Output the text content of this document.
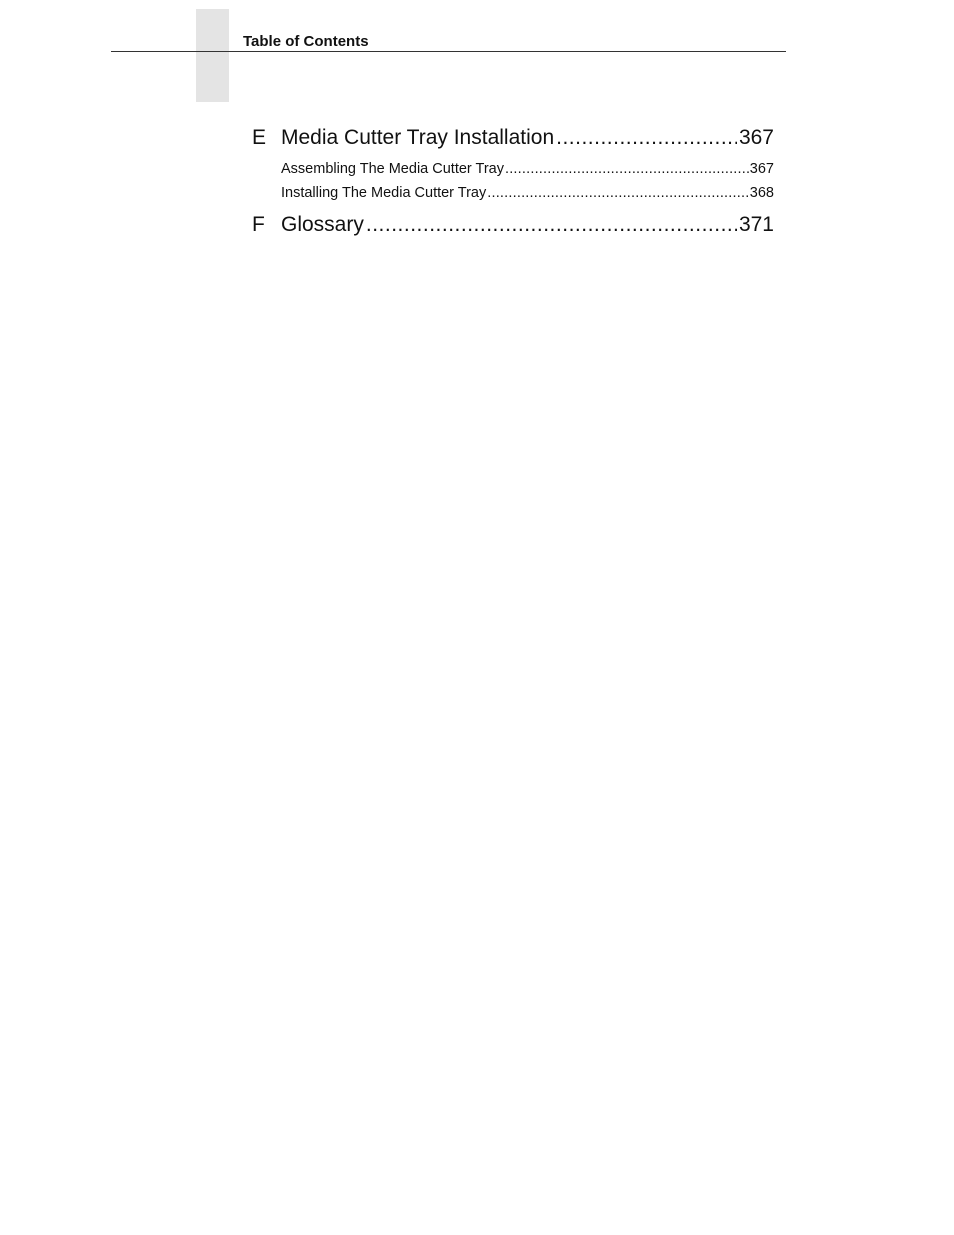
Table of Contents
E Media Cutter Tray Installation .....	367
Assembling The Media Cutter Tray .....	367
Installing The Media Cutter Tray .....	368
F Glossary .....	371
